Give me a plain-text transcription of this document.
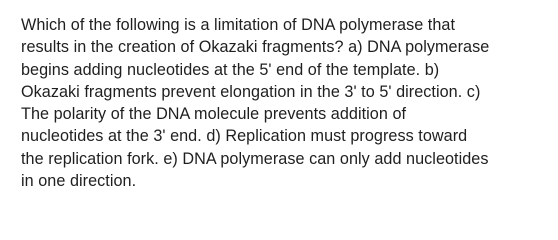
Which of the following is a limitation of DNA polymerase that
results in the creation of Okazaki fragments? a) DNA polymerase
begins adding nucleotides at the 5' end of the template. b)
Okazaki fragments prevent elongation in the 3' to 5' direction. c)
The polarity of the DNA molecule prevents addition of
nucleotides at the 3' end. d) Replication must progress toward
the replication fork. e) DNA polymerase can only add nucleotides
in one direction.
